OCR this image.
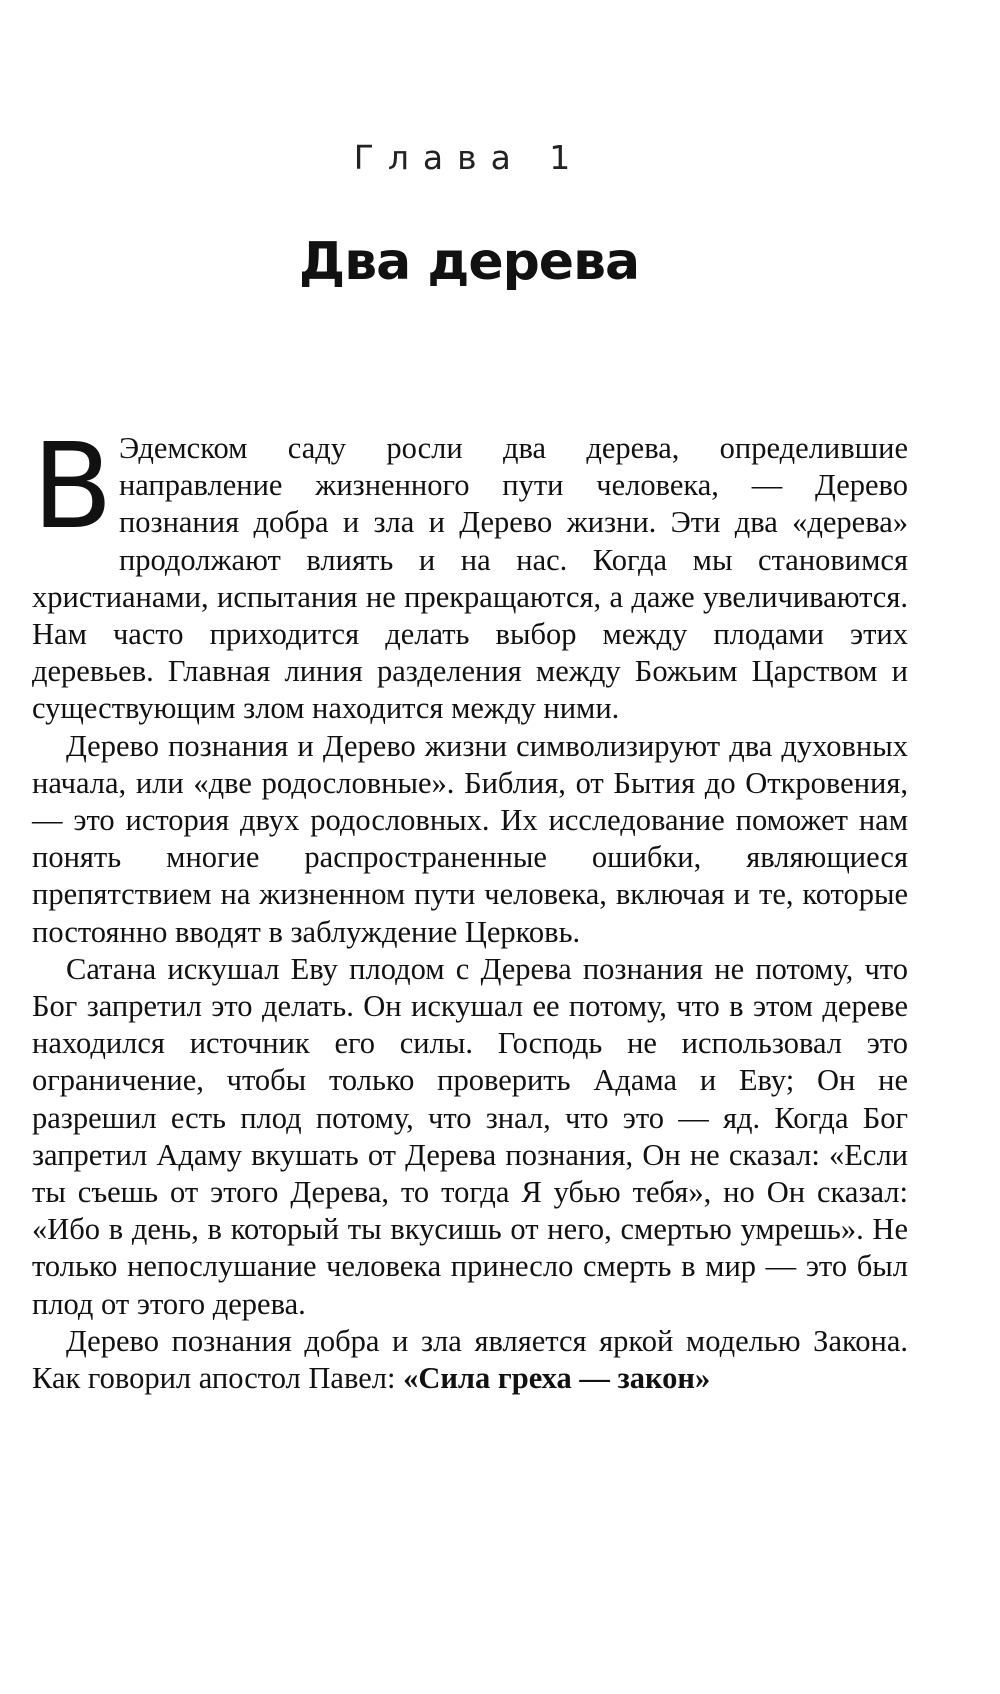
Глава 1
Два дерева

В Эдемском саду росли два дерева, определившие направление жизненного пути человека, — Дерево познания добра и зла и Дерево жизни. Эти два «дерева» продолжают влиять и на нас. Когда мы становимся христианами, испытания не прекращаются, а даже увеличиваются. Нам часто приходится делать выбор между плодами этих деревьев. Главная линия разделения между Божьим Царством и существующим злом находится между ними.

Дерево познания и Дерево жизни символизируют два духовных начала, или «две родословные». Библия, от Бытия до Откровения, — это история двух родословных. Их исследование поможет нам понять многие распространенные ошибки, являющиеся препятствием на жизненном пути человека, включая и те, которые постоянно вводят в заблуждение Церковь.

Сатана искушал Еву плодом с Дерева познания не потому, что Бог запретил это делать. Он искушал ее потому, что в этом дереве находился источник его силы. Господь не использовал это ограничение, чтобы только проверить Адама и Еву; Он не разрешил есть плод потому, что знал, что это — яд. Когда Бог запретил Адаму вкушать от Дерева познания, Он не сказал: «Если ты съешь от этого Дерева, то тогда Я убью тебя», но Он сказал: «Ибо в день, в который ты вкусишь от него, смертью умрешь». Не только непослушание человека принесло смерть в мир — это был плод от этого дерева.

Дерево познания добра и зла является яркой моделью Закона. Как говорил апостол Павел: «Сила греха — закон»
